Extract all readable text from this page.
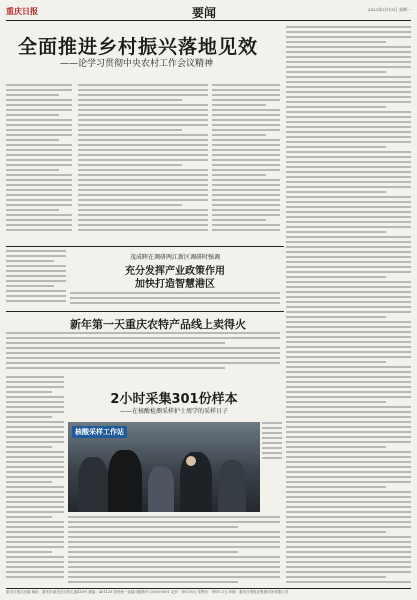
重庆日报	要闻	2023年2月13日 星期一
全面推进乡村振兴落地见效
——论学习贯彻中央农村工作会议精神
茂成晖在调研两江新区调研时强调
充分发挥产业政策作用
加快打造智慧港区
新年第一天重庆农特产品线上卖得火
2小时采集301份样本
——在核酸检测采样护士周学的采样日子
核酸采样工作站
重庆日报社出版 地址：重庆市渝北区同茂大道416号 邮编：401120 国内统一连续出版物号 CN50-0001 定价：每月38元 零售价：每份1.5元 印刷：重庆日报报业集团印务有限公司
